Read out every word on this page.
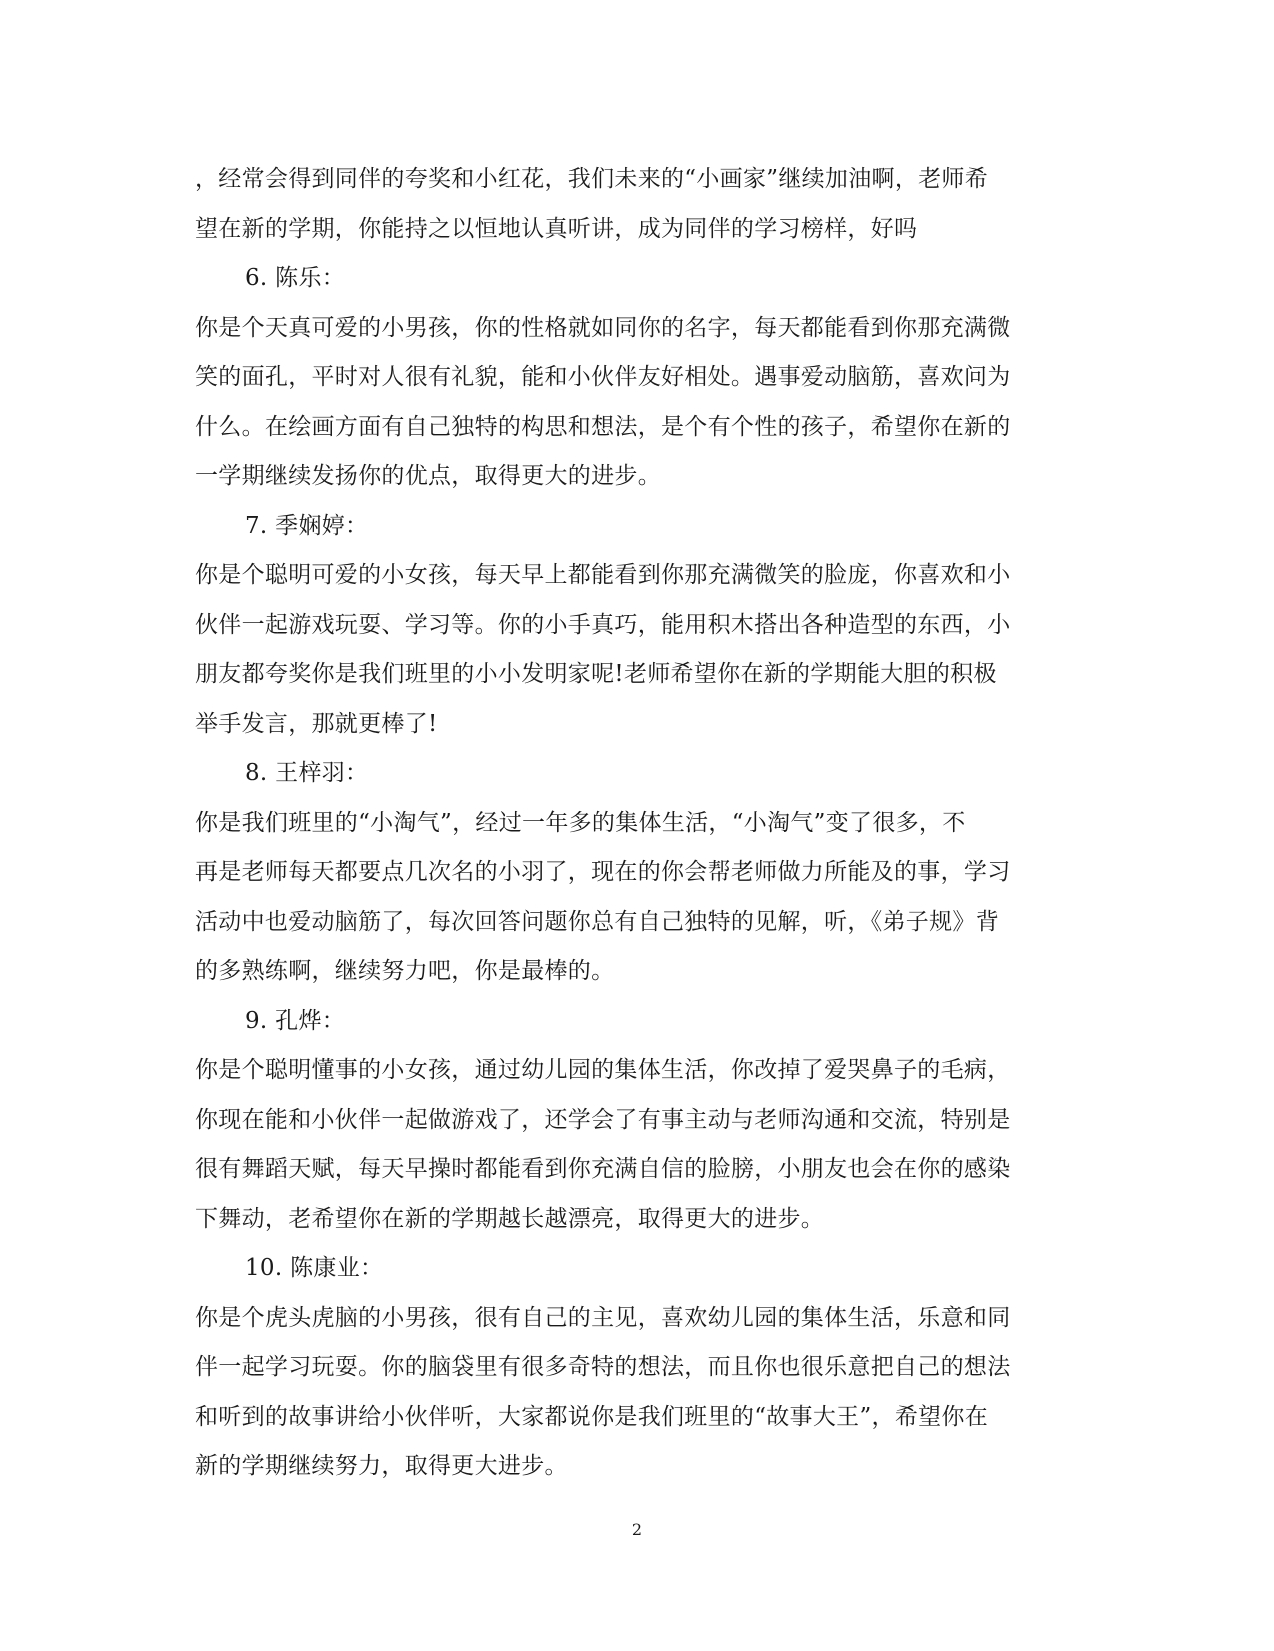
，经常会得到同伴的夸奖和小红花，我们未来的“小画家”继续加油啊，老师希
望在新的学期，你能持之以恒地认真听讲，成为同伴的学习榜样，好吗
6. 陈乐：
你是个天真可爱的小男孩，你的性格就如同你的名字，每天都能看到你那充满微
笑的面孔，平时对人很有礼貌，能和小伙伴友好相处。遇事爱动脑筋，喜欢问为
什么。在绘画方面有自己独特的构思和想法，是个有个性的孩子，希望你在新的
一学期继续发扬你的优点，取得更大的进步。
7. 季娴婷：
你是个聪明可爱的小女孩，每天早上都能看到你那充满微笑的脸庞，你喜欢和小
伙伴一起游戏玩耍、学习等。你的小手真巧，能用积木搭出各种造型的东西，小
朋友都夸奖你是我们班里的小小发明家呢!老师希望你在新的学期能大胆的积极
举手发言，那就更棒了!
8. 王梓羽：
你是我们班里的“小淘气”，经过一年多的集体生活，“小淘气”变了很多，不
再是老师每天都要点几次名的小羽了，现在的你会帮老师做力所能及的事，学习
活动中也爱动脑筋了，每次回答问题你总有自己独特的见解，听，《弟子规》背
的多熟练啊，继续努力吧，你是最棒的。
9. 孔烨：
你是个聪明懂事的小女孩，通过幼儿园的集体生活，你改掉了爱哭鼻子的毛病，
你现在能和小伙伴一起做游戏了，还学会了有事主动与老师沟通和交流，特别是
很有舞蹈天赋，每天早操时都能看到你充满自信的脸膀，小朋友也会在你的感染
下舞动，老希望你在新的学期越长越漂亮，取得更大的进步。
10. 陈康业：
你是个虎头虎脑的小男孩，很有自己的主见，喜欢幼儿园的集体生活，乐意和同
伴一起学习玩耍。你的脑袋里有很多奇特的想法，而且你也很乐意把自己的想法
和听到的故事讲给小伙伴听，大家都说你是我们班里的“故事大王”，希望你在
新的学期继续努力，取得更大进步。
2
